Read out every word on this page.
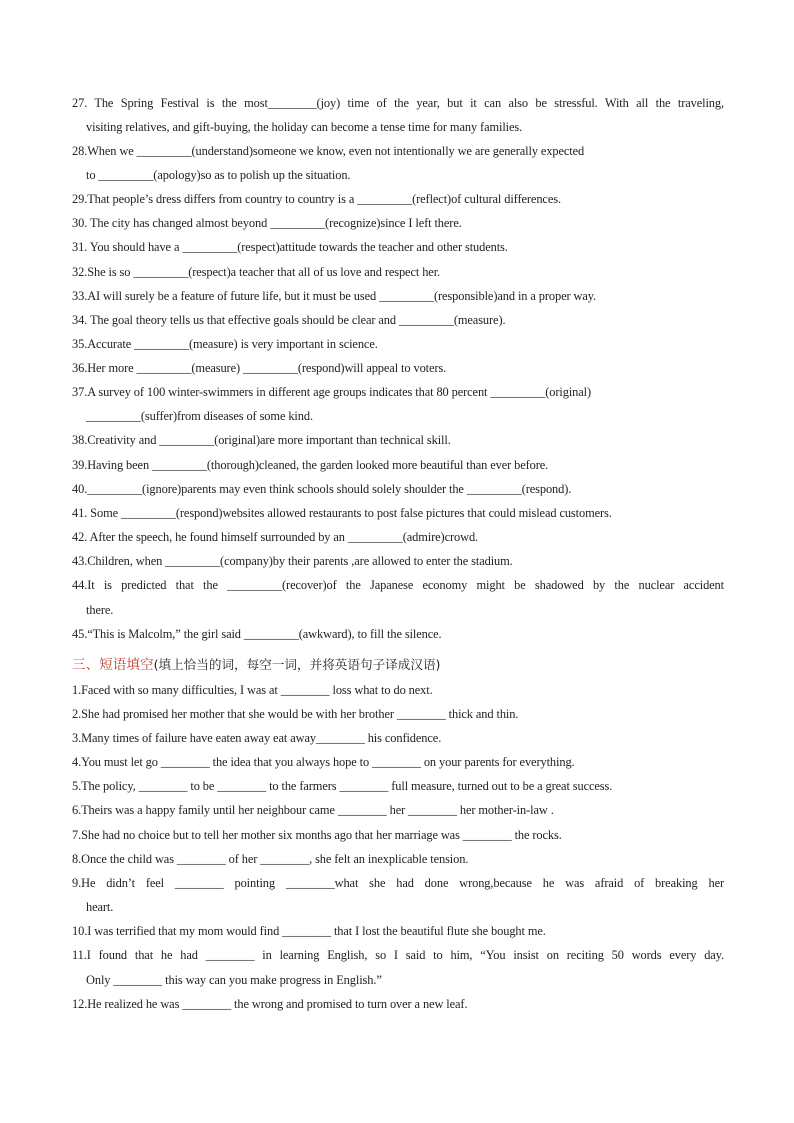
27. The Spring Festival is the most________(joy) time of the year, but it can also be stressful. With all the traveling,
visiting relatives, and gift-buying, the holiday can become a tense time for many families.
28.When we _________(understand)someone we know, even not intentionally we are generally expected
to _________(apology)so as to polish up the situation.
29.That people’s dress differs from country to country is a _________(reflect)of cultural differences.
30. The city has changed almost beyond _________(recognize)since I left there.
31. You should have a _________(respect)attitude towards the teacher and other students.
32.She is so _________(respect)a teacher that all of us love and respect her.
33.AI will surely be a feature of future life, but it must be used _________(responsible)and in a proper way.
34. The goal theory tells us that effective goals should be clear and _________(measure).
35.Accurate _________(measure) is very important in science.
36.Her more _________(measure) _________(respond)will appeal to voters.
37.A survey of 100 winter-swimmers in different age groups indicates that 80 percent _________(original)
_________(suffer)from diseases of some kind.
38.Creativity and _________(original)are more important than technical skill.
39.Having been _________(thorough)cleaned, the garden looked more beautiful than ever before.
40._________(ignore)parents may even think schools should solely shoulder the _________(respond).
41. Some _________(respond)websites allowed restaurants to post false pictures that could mislead customers.
42. After the speech, he found himself surrounded by an _________(admire)crowd.
43.Children, when _________(company)by their parents ,are allowed to enter the stadium.
44.It is predicted that the _________(recover)of the Japanese economy might be shadowed by the nuclear accident
there.
45.“This is Malcolm,” the girl said _________(awkward), to fill the silence.
三、短语填空(填上恰当的词，每空一词，并将英语句子译成汉语)
1.Faced with so many difficulties, I was at ________ loss what to do next.
2.She had promised her mother that she would be with her brother ________ thick and thin.
3.Many times of failure have eaten away eat away________ his confidence.
4.You must let go ________ the idea that you always hope to ________ on your parents for everything.
5.The policy, ________ to be ________ to the farmers ________ full measure, turned out to be a great success.
6.Theirs was a happy family until her neighbour came ________ her ________ her mother-in-law .
7.She had no choice but to tell her mother six months ago that her marriage was ________ the rocks.
8.Once the child was ________ of her ________, she felt an inexplicable tension.
9.He didn’t feel ________ pointing ________what she had done wrong,because he was afraid of breaking her
heart.
10.I was terrified that my mom would find ________ that I lost the beautiful flute she bought me.
11.I found that he had ________ in learning English, so I said to him, “You insist on reciting 50 words every day.
Only ________ this way can you make progress in English.”
12.He realized he was ________ the wrong and promised to turn over a new leaf.
